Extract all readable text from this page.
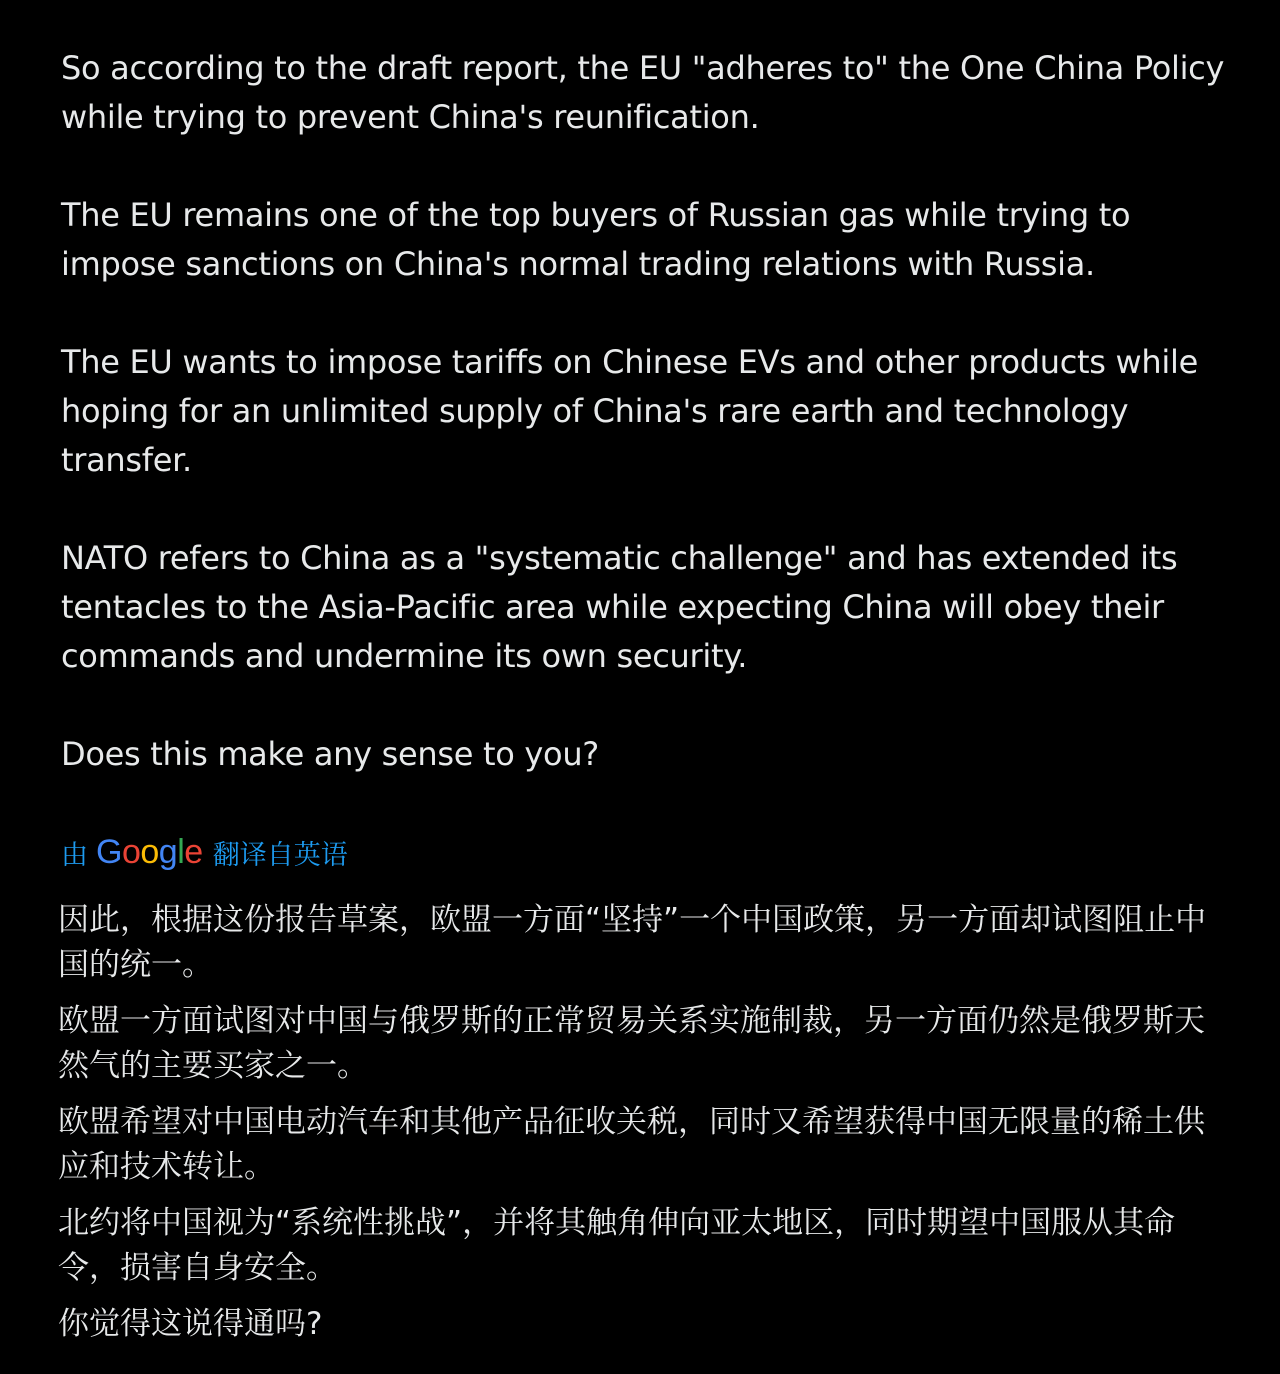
So according to the draft report, the EU "adheres to" the One China Policy while trying to prevent China's reunification.

The EU remains one of the top buyers of Russian gas while trying to impose sanctions on China's normal trading relations with Russia.

The EU wants to impose tariffs on Chinese EVs and other products while hoping for an unlimited supply of China's rare earth and technology transfer.

NATO refers to China as a "systematic challenge" and has extended its tentacles to the Asia-Pacific area while expecting China will obey their commands and undermine its own security.

Does this make any sense to you?

由 Google 翻译自英语

因此，根据这份报告草案，欧盟一方面“坚持”一个中国政策，另一方面却试图阻止中国的统一。

欧盟一方面试图对中国与俄罗斯的正常贸易关系实施制裁，另一方面仍然是俄罗斯天然气的主要买家之一。

欧盟希望对中国电动汽车和其他产品征收关税，同时又希望获得中国无限量的稀土供应和技术转让。

北约将中国视为“系统性挑战”，并将其触角伸向亚太地区，同时期望中国服从其命令，损害自身安全。

你觉得这说得通吗?
